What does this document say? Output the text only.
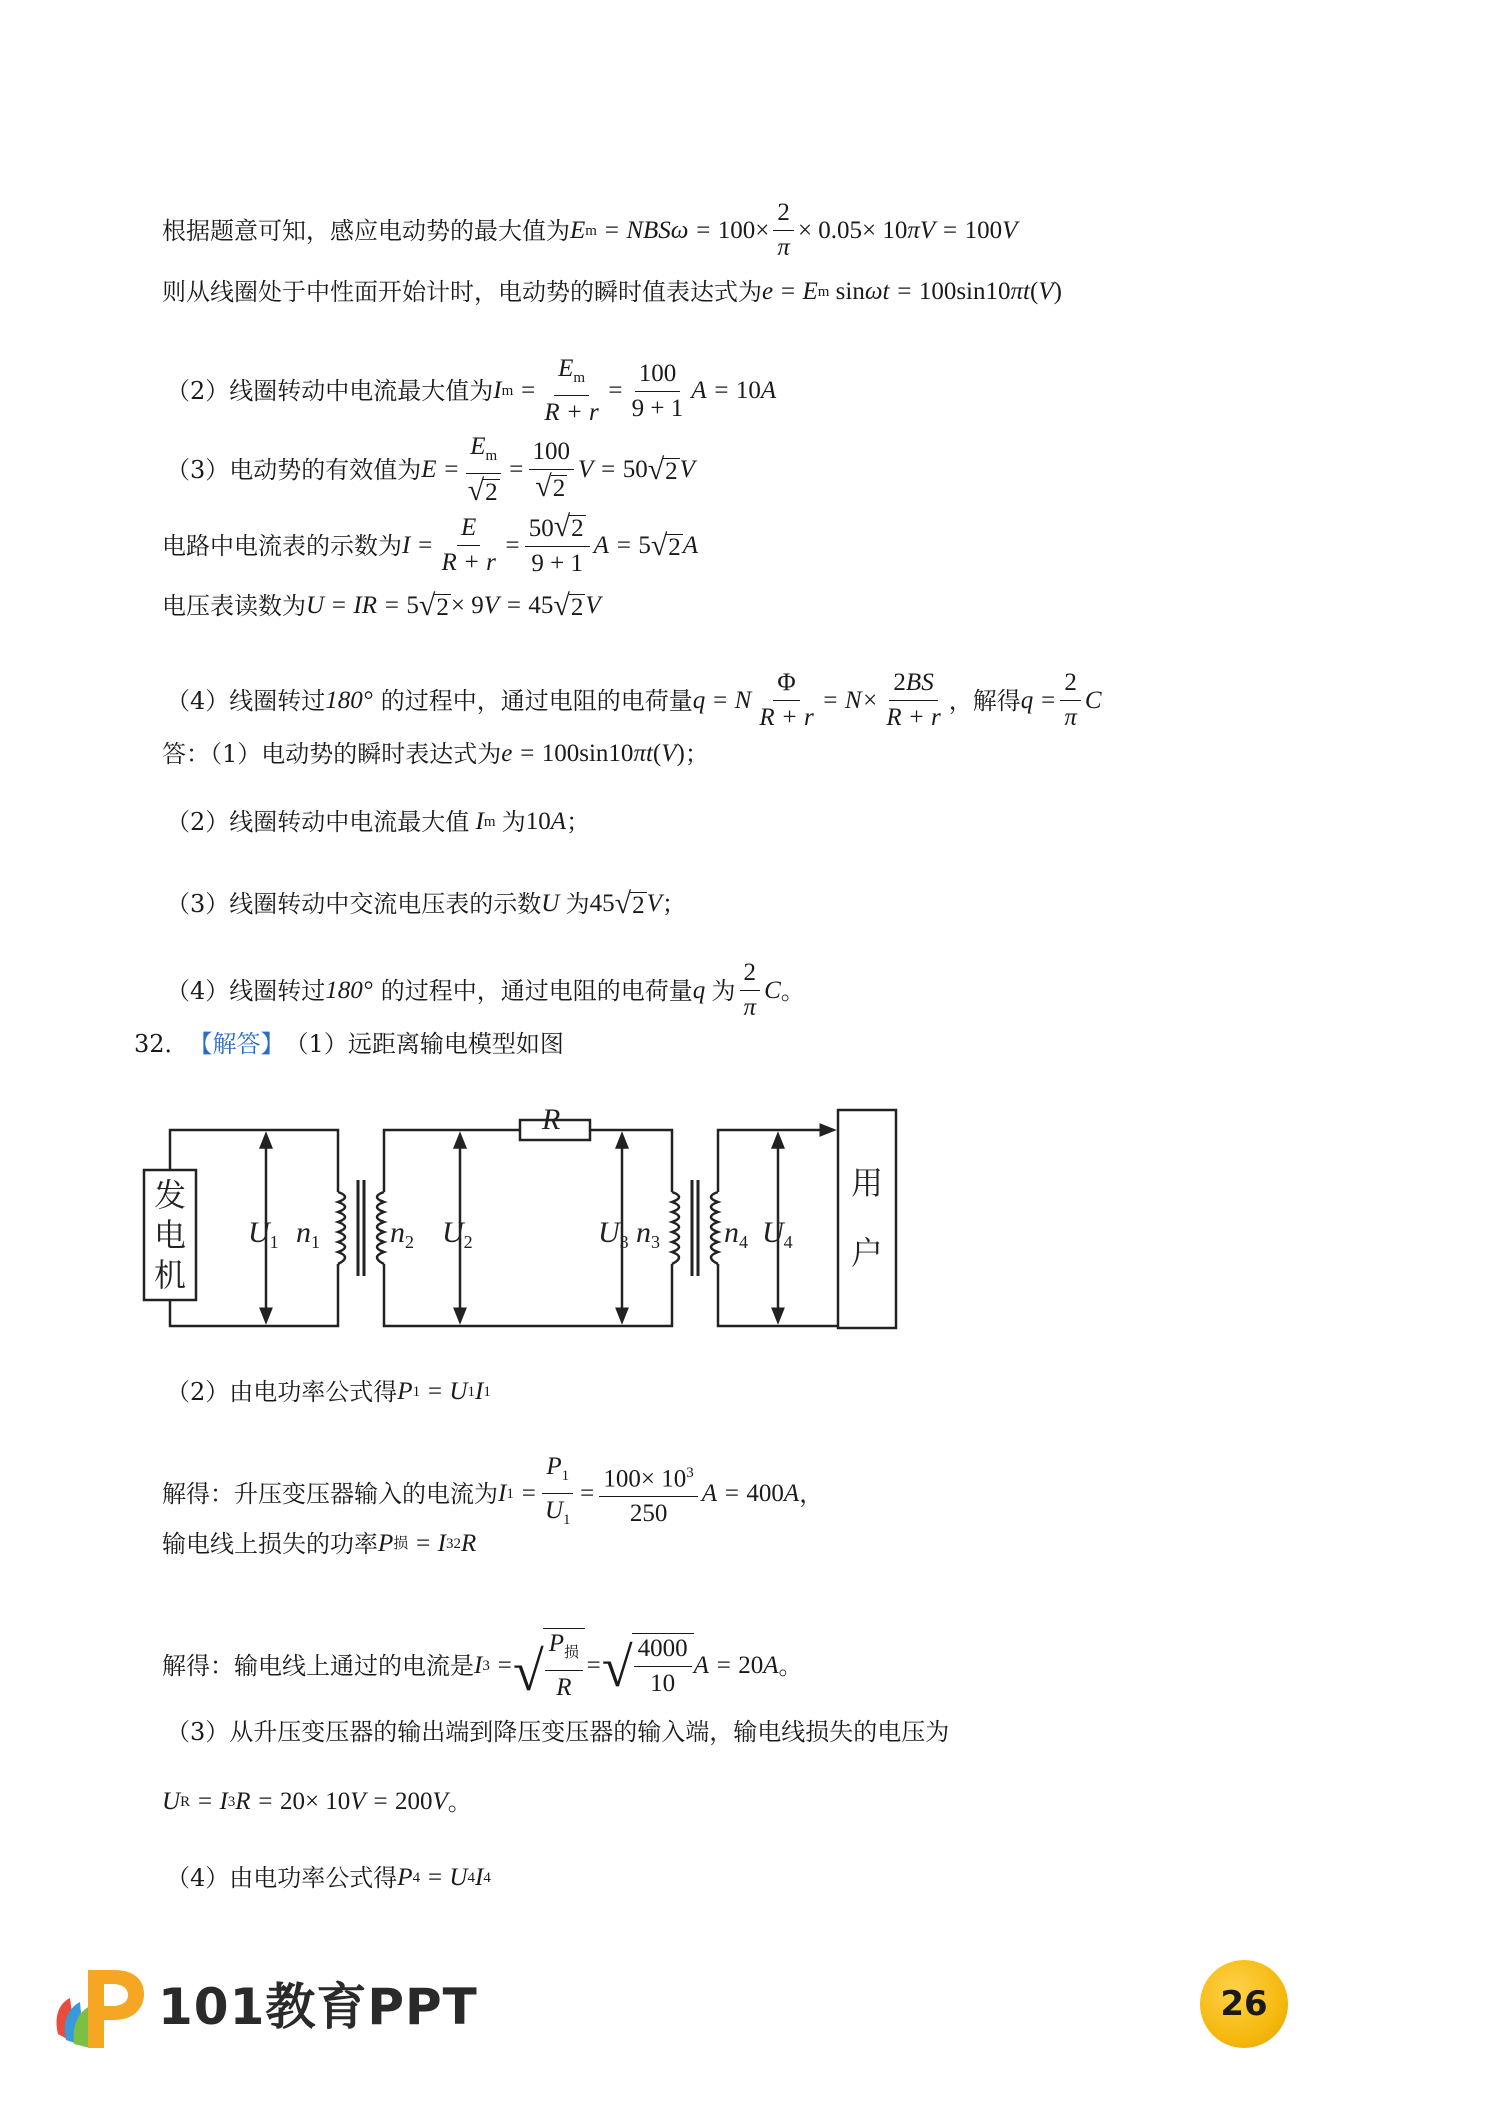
根据题意可知，感应电动势的最大值为 E $m = NBS\omega = 100\times \frac{2}{\pi} \times 0.05\times 10$ πV = 100 V
则从线圈处于中性面开始计时，电动势的瞬时值表达式为 e = E m
sin ωt = 100sin10 πt ( V )
（2）线圈转动中电流最大值为 I $m = \frac{E_m}{R + r} = \frac{100}{9 + 1}$ A = 10 A
（3）电动势的有效值为 $E = \frac{E_m}{√ 2} = \frac{100}{√ 2}$ V = 50 √ 2 V
电路中电流表的示数为 $I = \frac{E}{R + r} = \frac{50 √ 2}{9 + 1}$ A = 5 √ 2 A
电压表读数为 U = IR = 5 √ 2 × 9 V = 45 √ 2 V
（4）线圈转过 180° 的过程中，通过电阻的电荷量 q = N $\frac{\Phi}{R + r} = N\times \frac{2BS}{R + r}$ ，解得 $q = \frac{2}{\pi}$ C
答：（1）电动势的瞬时表达式为 e = 100sin10 πt ( V ) ；
（2）线圈转动中电流最大值 I m
为 10 A ；
（3）线圈转动中交流电压表的示数 U 为 45 √ 2 V ；
（4）线圈转过 180° 的过程中，通过电阻的电荷量 q 为 $\frac{2}{\pi}$ C 。
32． 【解答】 （1）远距离输电模型如图
R
$U_1$ $n_1$ $n_2$ $U_2$	$U_3$ $n_3$ $n_4$ $U_4$
发
电
机
用
户
（2）由电功率公式得 P 1 = U 1 I 1
解得：升压变压器输入的电流为 I $1 = \frac{P_1}{U_1} = \frac{100\times 10^3}{250}$ A = 400 A ，
输电线上损失的功率 P 损 = I 3 2 R
解得：输电线上通过的电流是 I 3 = √ $\frac{P_损}{R}$ = √ $\frac{4000}{10}$ A = 20 A 。
（3）从升压变压器的输出端到降压变压器的输入端，输电线损失的电压为
U R = I 3 R = 20× 10 V = 200 V 。
（4）由电功率公式得 P 4 = U 4 I 4
101教育PPT	26
